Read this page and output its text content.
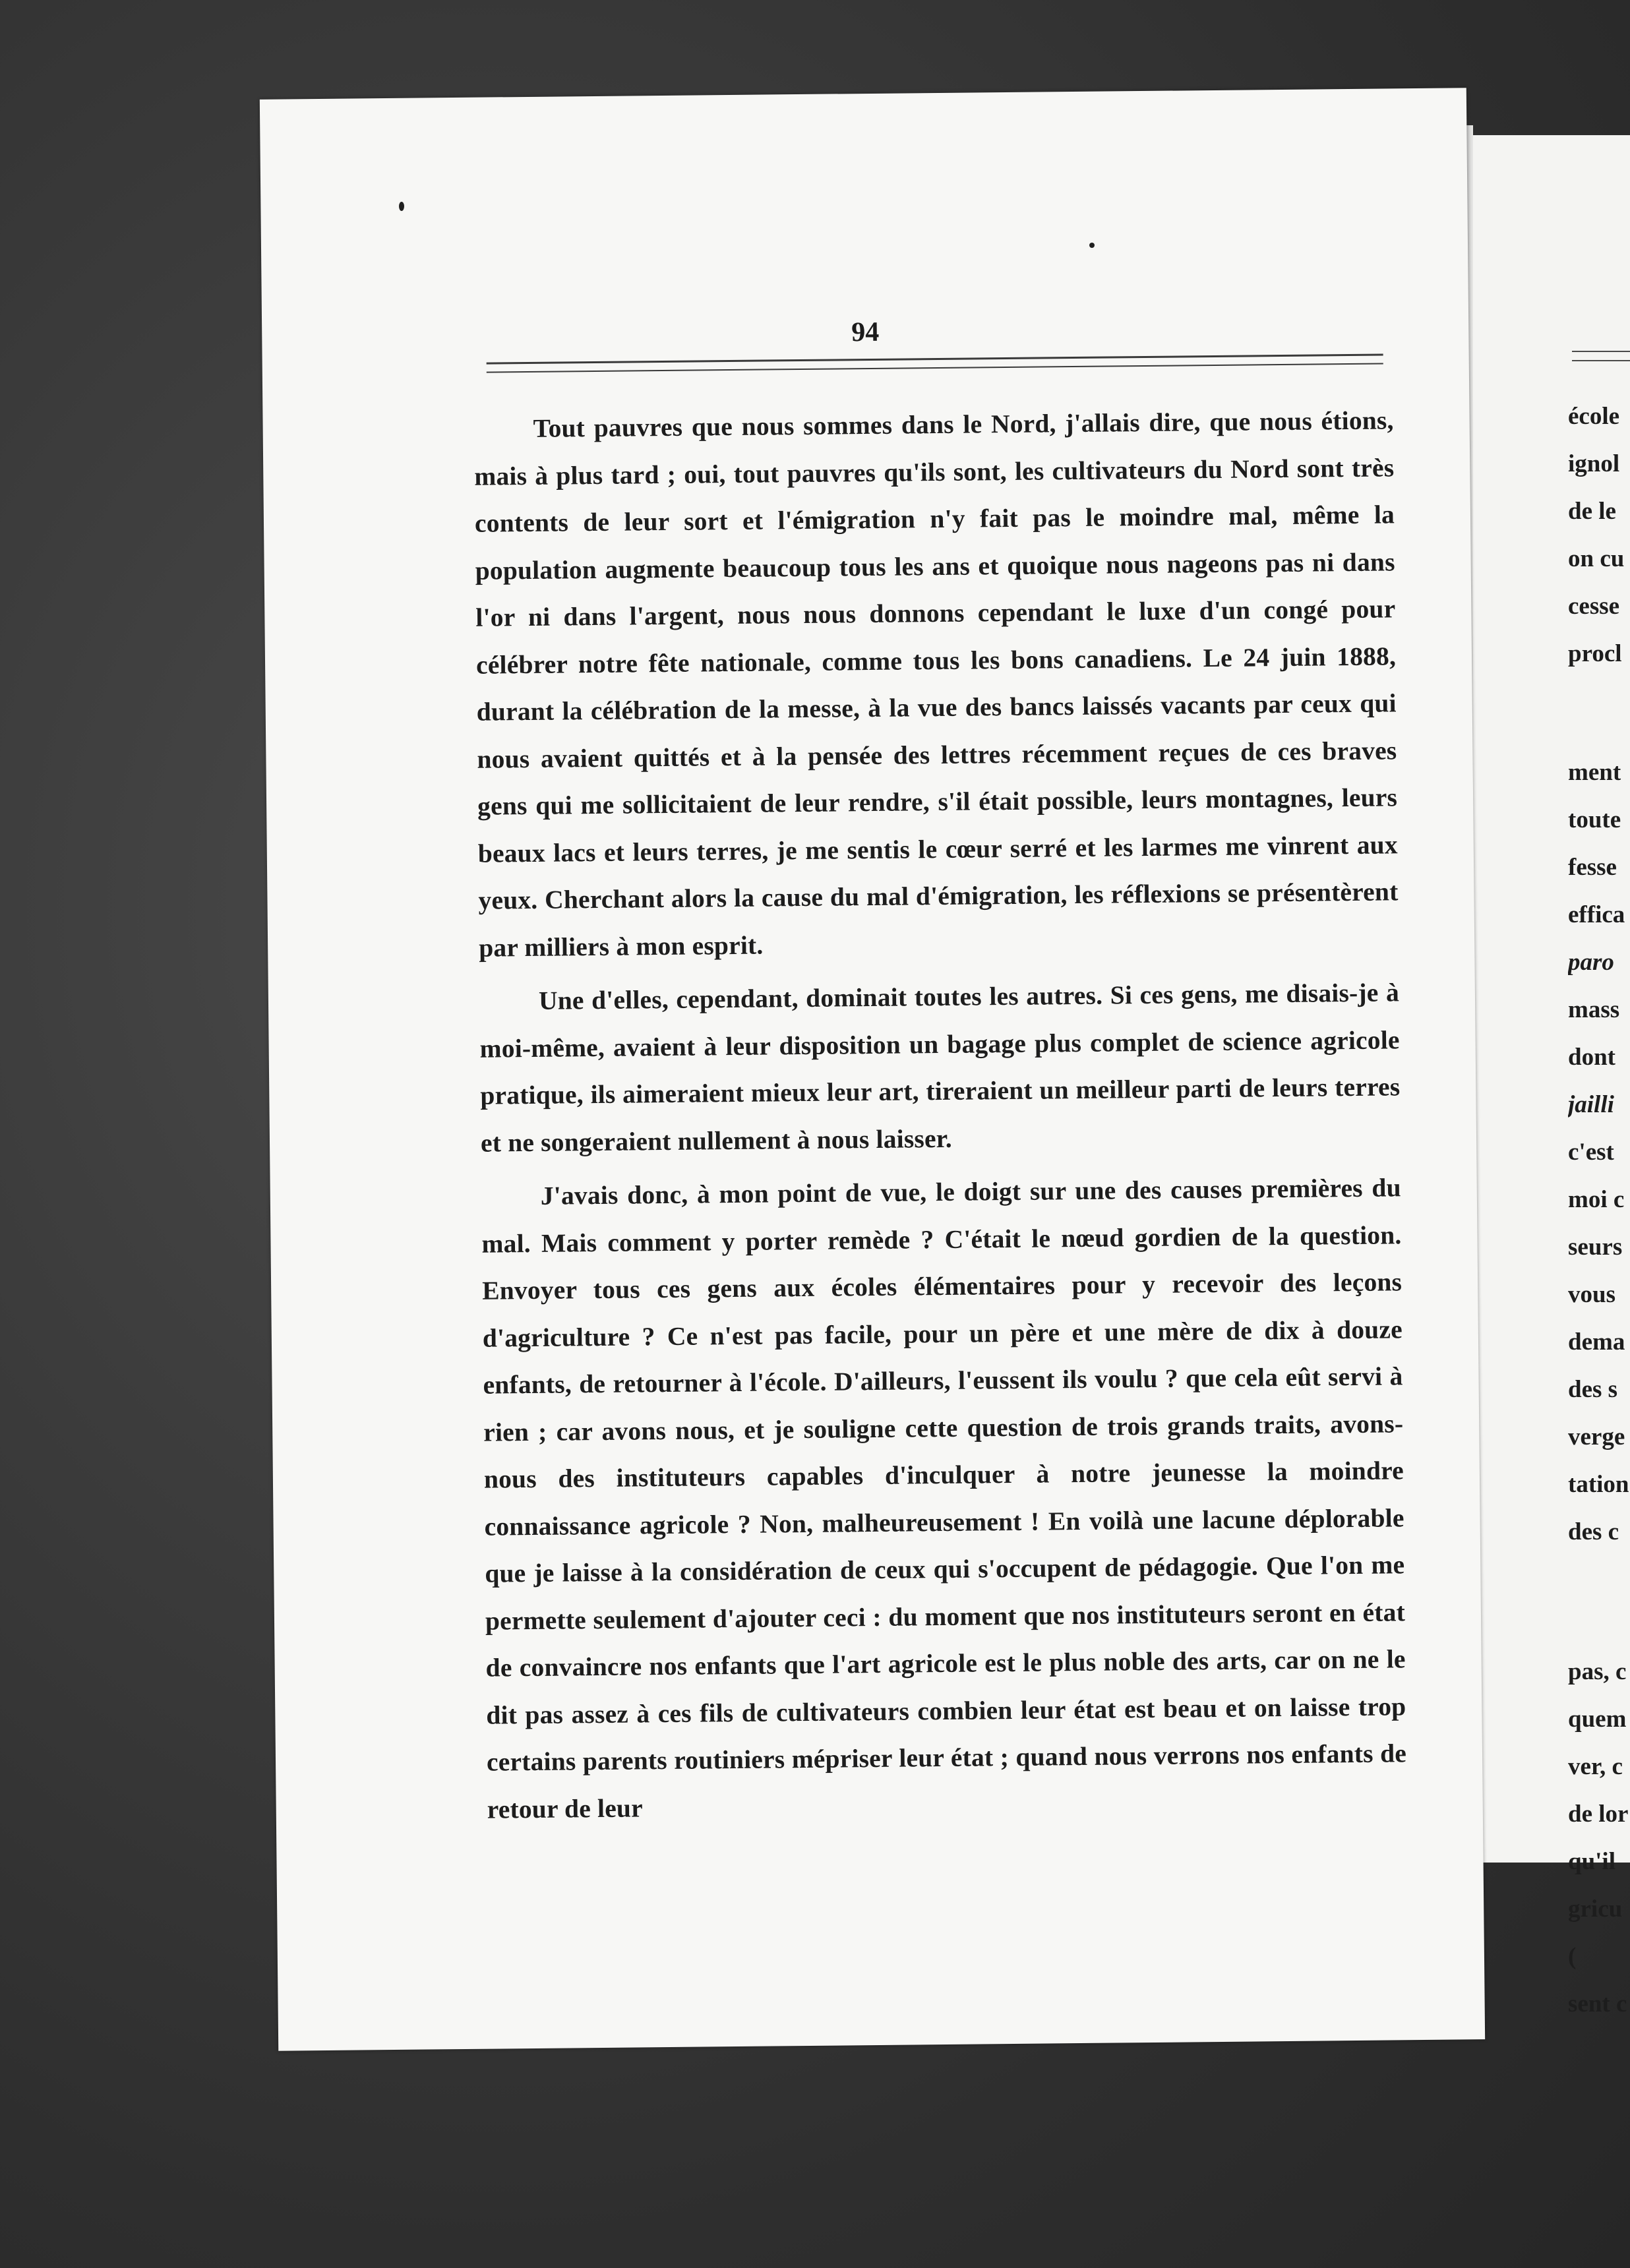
école
ignol
de le
on cu
cesse
procl
ment
toute
fesse
effica
paro
mass
dont
jailli
c'est
moi c
seurs
vous
dema
des s
verge
tation
des c
pas, c
quem
ver, c
de lor
qu'il
gricu
(
sent c
94

Tout pauvres que nous sommes dans le Nord, j'allais dire, que nous étions, mais à plus tard ; oui, tout pauvres qu'ils sont, les cultivateurs du Nord sont très contents de leur sort et l'émigration n'y fait pas le moindre mal, même la population augmente beaucoup tous les ans et quoique nous nageons pas ni dans l'or ni dans l'argent, nous nous donnons cependant le luxe d'un congé pour célébrer notre fête nationale, comme tous les bons canadiens. Le 24 juin 1888, durant la célébration de la messe, à la vue des bancs laissés vacants par ceux qui nous avaient quittés et à la pensée des lettres récemment reçues de ces braves gens qui me sollicitaient de leur rendre, s'il était possible, leurs montagnes, leurs beaux lacs et leurs terres, je me sentis le cœur serré et les larmes me vinrent aux yeux. Cherchant alors la cause du mal d'émigration, les réflexions se présentèrent par milliers à mon esprit.

Une d'elles, cependant, dominait toutes les autres. Si ces gens, me disais-je à moi-même, avaient à leur disposition un bagage plus complet de science agricole pratique, ils aimeraient mieux leur art, tireraient un meilleur parti de leurs terres et ne songeraient nullement à nous laisser.

J'avais donc, à mon point de vue, le doigt sur une des causes premières du mal. Mais comment y porter remède ? C'était le nœud gordien de la question. Envoyer tous ces gens aux écoles élémentaires pour y recevoir des leçons d'agriculture ? Ce n'est pas facile, pour un père et une mère de dix à douze enfants, de retourner à l'école. D'ailleurs, l'eussent ils voulu ? que cela eût servi à rien ; car avons nous, et je souligne cette question de trois grands traits, avons-nous des instituteurs capables d'inculquer à notre jeunesse la moindre connaissance agricole ? Non, malheureusement ! En voilà une lacune déplorable que je laisse à la considération de ceux qui s'occupent de pédagogie. Que l'on me permette seulement d'ajouter ceci : du moment que nos instituteurs seront en état de convaincre nos enfants que l'art agricole est le plus noble des arts, car on ne le dit pas assez à ces fils de cultivateurs combien leur état est beau et on laisse trop certains parents routiniers mépriser leur état ; quand nous verrons nos enfants de retour de leur
